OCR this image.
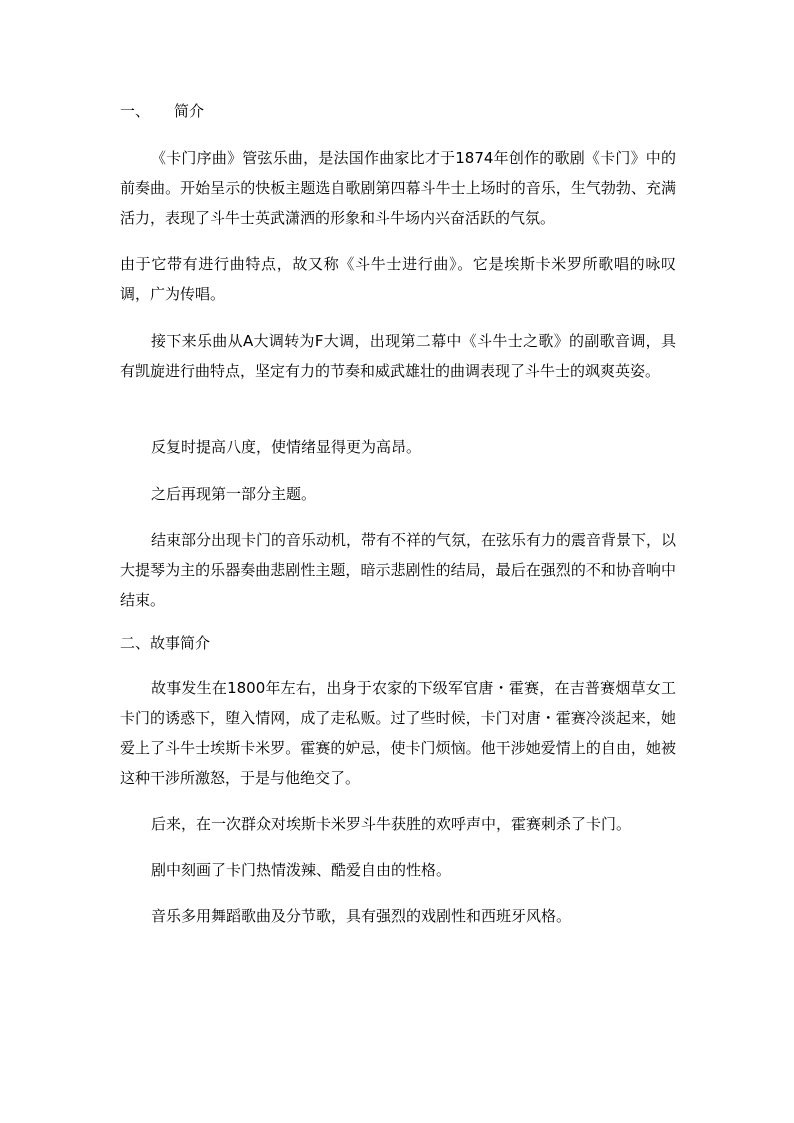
一、 简介

《卡门序曲》管弦乐曲，是法国作曲家比才于1874年创作的歌剧《卡门》中的前奏曲。开始呈示的快板主题选自歌剧第四幕斗牛士上场时的音乐，生气勃勃、充满活力，表现了斗牛士英武潇洒的形象和斗牛场内兴奋活跃的气氛。

由于它带有进行曲特点，故又称《斗牛士进行曲》。它是埃斯卡米罗所歌唱的咏叹调，广为传唱。

接下来乐曲从A大调转为F大调，出现第二幕中《斗牛士之歌》的副歌音调，具有凯旋进行曲特点，坚定有力的节奏和威武雄壮的曲调表现了斗牛士的飒爽英姿。

反复时提高八度，使情绪显得更为高昂。

之后再现第一部分主题。

结束部分出现卡门的音乐动机，带有不祥的气氛，在弦乐有力的震音背景下，以大提琴为主的乐器奏曲悲剧性主题，暗示悲剧性的结局，最后在强烈的不和协音响中结束。

二、故事简介

故事发生在1800年左右，出身于农家的下级军官唐・霍赛，在吉普赛烟草女工卡门的诱惑下，堕入情网，成了走私贩。过了些时候，卡门对唐・霍赛冷淡起来，她爱上了斗牛士埃斯卡米罗。霍赛的妒忌，使卡门烦恼。他干涉她爱情上的自由，她被这种干涉所激怒，于是与他绝交了。

后来，在一次群众对埃斯卡米罗斗牛获胜的欢呼声中，霍赛刺杀了卡门。

剧中刻画了卡门热情泼辣、酷爱自由的性格。

音乐多用舞蹈歌曲及分节歌，具有强烈的戏剧性和西班牙风格。
